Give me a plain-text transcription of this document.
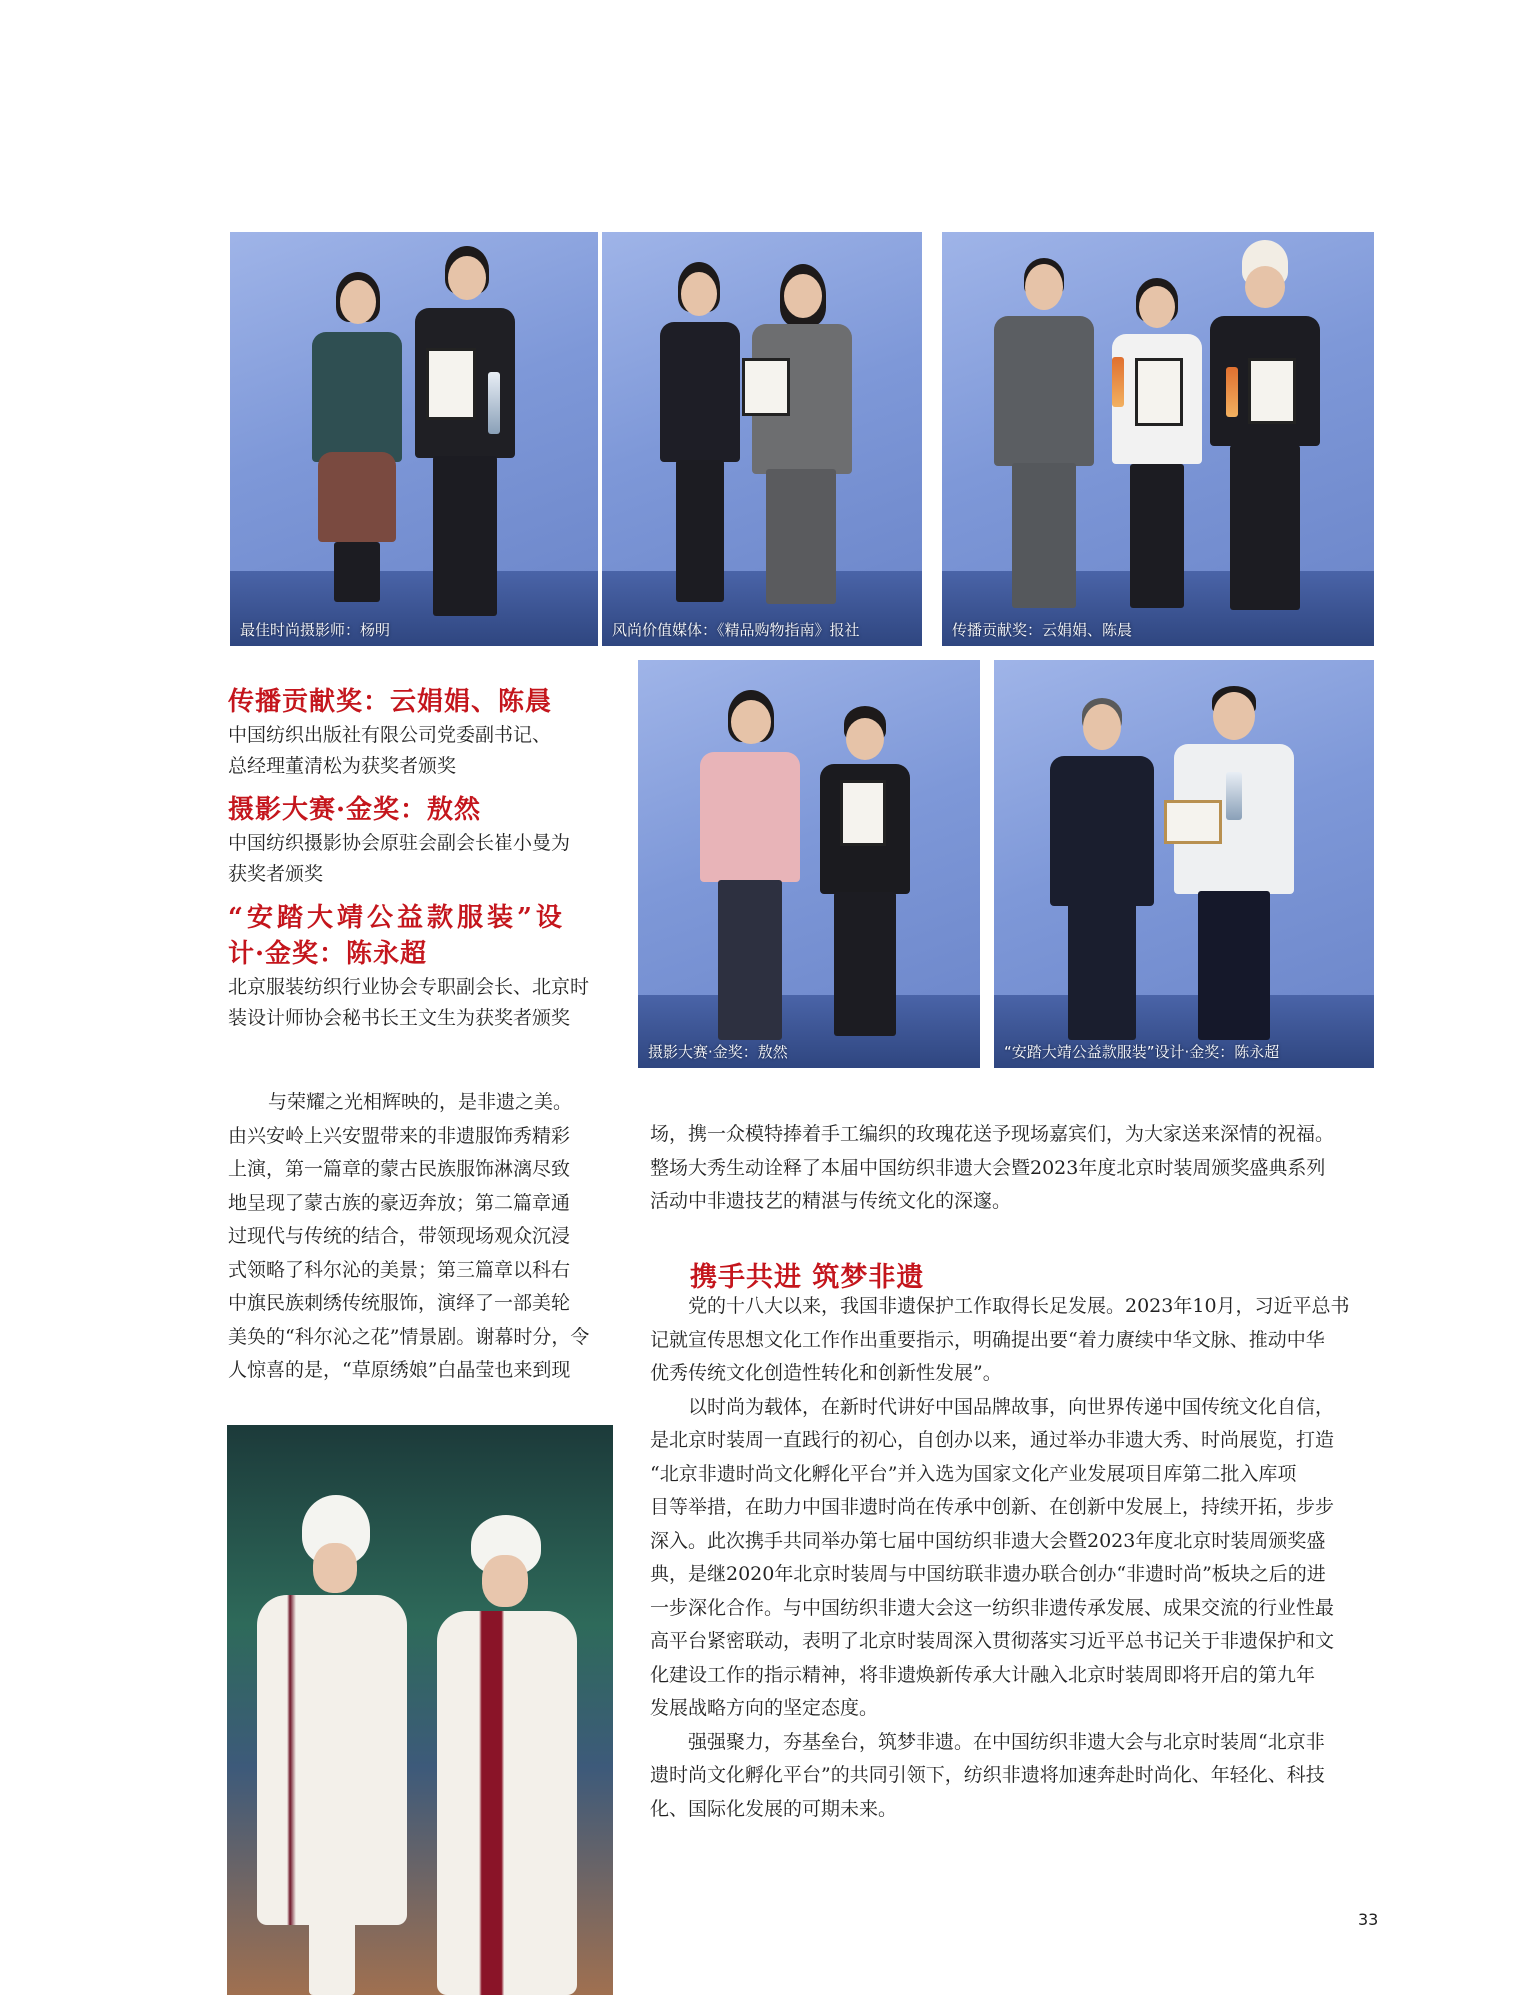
最佳时尚摄影师：杨明	风尚价值媒体：《精品购物指南》报社	传播贡献奖：云娟娟、陈晨
摄影大赛·金奖：敖然	“安踏大靖公益款服装”设计·金奖：陈永超
传播贡献奖：云娟娟、陈晨

中国纺织出版社有限公司党委副书记、

总经理董清松为获奖者颁奖

摄影大赛·金奖：敖然

中国纺织摄影协会原驻会副会长崔小曼为

获奖者颁奖

“安踏大靖公益款服装”设
计·金奖：陈永超

北京服装纺织行业协会专职副会长、北京时

装设计师协会秘书长王文生为获奖者颁奖

与荣耀之光相辉映的，是非遗之美。

由兴安岭上兴安盟带来的非遗服饰秀精彩

上演，第一篇章的蒙古民族服饰淋漓尽致

地呈现了蒙古族的豪迈奔放；第二篇章通

过现代与传统的结合，带领现场观众沉浸

式领略了科尔沁的美景；第三篇章以科右

中旗民族刺绣传统服饰，演绎了一部美轮

美奂的“科尔沁之花”情景剧。谢幕时分，令

人惊喜的是，“草原绣娘”白晶莹也来到现

场，携一众模特捧着手工编织的玫瑰花送予现场嘉宾们，为大家送来深情的祝福。

整场大秀生动诠释了本届中国纺织非遗大会暨2023年度北京时装周颁奖盛典系列

活动中非遗技艺的精湛与传统文化的深邃。

携手共进 筑梦非遗

党的十八大以来，我国非遗保护工作取得长足发展。2023年10月，习近平总书

记就宣传思想文化工作作出重要指示，明确提出要“着力赓续中华文脉、推动中华

优秀传统文化创造性转化和创新性发展”。

以时尚为载体，在新时代讲好中国品牌故事，向世界传递中国传统文化自信，

是北京时装周一直践行的初心，自创办以来，通过举办非遗大秀、时尚展览，打造

“北京非遗时尚文化孵化平台”并入选为国家文化产业发展项目库第二批入库项

目等举措，在助力中国非遗时尚在传承中创新、在创新中发展上，持续开拓，步步

深入。此次携手共同举办第七届中国纺织非遗大会暨2023年度北京时装周颁奖盛

典，是继2020年北京时装周与中国纺联非遗办联合创办“非遗时尚”板块之后的进

一步深化合作。与中国纺织非遗大会这一纺织非遗传承发展、成果交流的行业性最

高平台紧密联动，表明了北京时装周深入贯彻落实习近平总书记关于非遗保护和文

化建设工作的指示精神，将非遗焕新传承大计融入北京时装周即将开启的第九年

发展战略方向的坚定态度。

强强聚力，夯基垒台，筑梦非遗。在中国纺织非遗大会与北京时装周“北京非

遗时尚文化孵化平台”的共同引领下，纺织非遗将加速奔赴时尚化、年轻化、科技

化、国际化发展的可期未来。

33
